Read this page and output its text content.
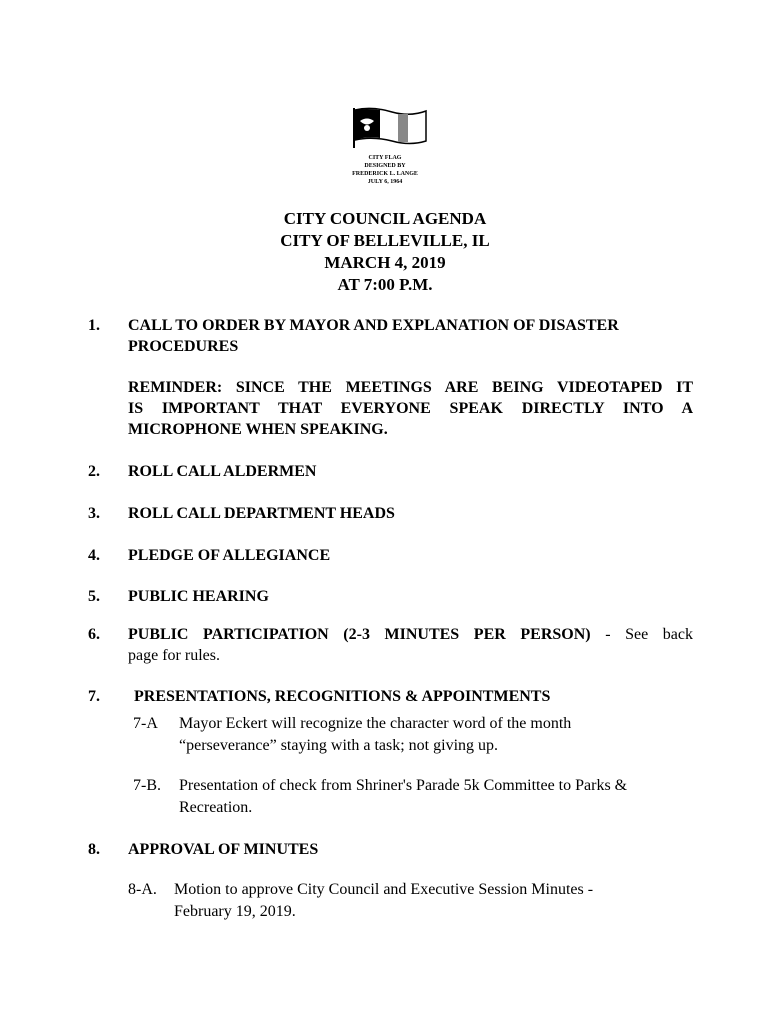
CITY FLAG
DESIGNED BY
FREDERICK L. LANGE
JULY 6, 1964
CITY COUNCIL AGENDA
CITY OF BELLEVILLE, IL
MARCH 4, 2019
AT 7:00 P.M.
1. CALL TO ORDER BY MAYOR AND EXPLANATION OF DISASTER
PROCEDURES
REMINDER: SINCE THE MEETINGS ARE BEING VIDEOTAPED IT
IS IMPORTANT THAT EVERYONE SPEAK DIRECTLY INTO A
MICROPHONE WHEN SPEAKING.
2. ROLL CALL ALDERMEN
3. ROLL CALL DEPARTMENT HEADS
4. PLEDGE OF ALLEGIANCE
5. PUBLIC HEARING
6. PUBLIC PARTICIPATION (2-3 MINUTES PER PERSON) - See back
page for rules.
7. PRESENTATIONS, RECOGNITIONS & APPOINTMENTS
7-A Mayor Eckert will recognize the character word of the month
“perseverance” staying with a task; not giving up.
7-B. Presentation of check from Shriner's Parade 5k Committee to Parks &
Recreation.
8. APPROVAL OF MINUTES
8-A. Motion to approve City Council and Executive Session Minutes -
February 19, 2019.
